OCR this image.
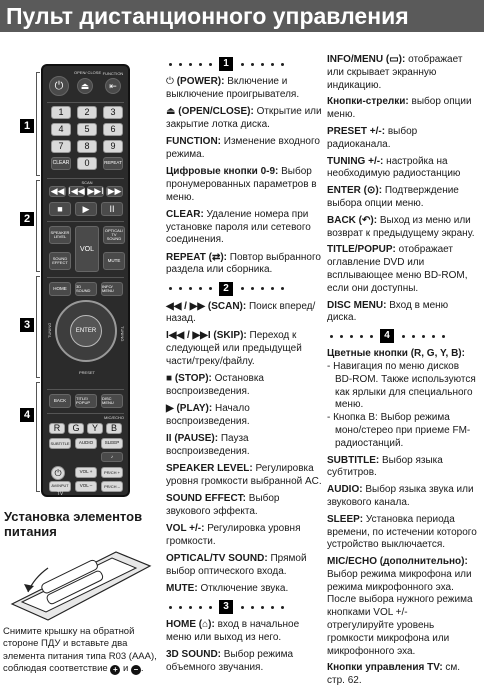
Пульт дистанционного управления
1
2
3
4
⏻
OPEN/ CLOSE
⏏
FUNCTION
⇤
1	2	3
4	5	6
7	8	9
CLEAR	0	REPEAT
SCAN
◀◀ I◀◀ ▶▶I ▶▶
■	▶	II
SPEAKER LEVEL
VOL
OPTICAL/ TV SOUND
SOUND EFFECT	MUTE
HOME	3D SOUND
INFO/ MENU
PRESET
TUNING	TUNING
BACK	TITLE/ POPUP
DISC MENU
MIC/ECHO
R	G	Y	B
SUBTITLE	AUDIO	SLEEP
♪
⏻	VOL +	PR/CH +
AV/INPUT	VOL –	PR/CH –
TV
ENTER
Установка элементов питания
Снимите крышку на обратной стороне ПДУ и вставьте два элемента питания типа R03 (AAA), соблюдая соответствие + и – .
1
⏻ (POWER): Включение и выключение проигрывателя.
⏏ (OPEN/CLOSE): Открытие или закрытие лотка диска.
FUNCTION: Изменение входного режима.
Цифровые кнопки 0-9: Выбор пронумерованных параметров в меню.
CLEAR: Удаление номера при установке пароля или сетевого соединения.
REPEAT (⇄): Повтор выбранного раздела или сборника.
2
◀◀ / ▶▶ (SCAN): Поиск вперед/ назад.
I◀◀ / ▶▶I (SKIP): Переход к следующей или предыдущей части/треку/файлу.
■ (STOP): Остановка воспроизведения.
▶ (PLAY): Начало воспроизведения.
II (PAUSE): Пауза воспроизведения.
SPEAKER LEVEL: Регулировка уровня громкости выбранной AC.
SOUND EFFECT: Выбор звукового эффекта.
VOL +/-: Регулировка уровня громкости.
OPTICAL/TV SOUND: Прямой выбор оптического входа.
MUTE: Отключение звука.
3
HOME (⌂): вход в начальное меню или выход из него.
3D SOUND: Выбор режима объемного звучания.
INFO/MENU (▭): отображает или скрывает экранную индикацию.
Кнопки-стрелки: выбор опции меню.
PRESET +/-: выбор радиоканала.
TUNING +/-: настройка на необходимую радиостанцию
ENTER (⊙): Подтверждение выбора опции меню.
BACK (↶): Выход из меню или возврат к предыдущему экрану.
TITLE/POPUP: отображает оглавление DVD или всплывающее меню BD-ROM, если они доступны.
DISC MENU: Вход в меню диска.
4
Цветные кнопки (R, G, Y, B):
- Навигация по меню дисков BD-ROM. Также используются как ярлыки для специального меню.
- Кнопка B: Выбор режима моно/стерео при приеме FM-радиостанций.
SUBTITLE: Выбор языка субтитров.
AUDIO: Выбор языка звука или звукового канала.
SLEEP: Установка периода времени, по истечении которого устройство выключается.
MIC/ECHO (дополнительно): Выбор режима микрофона или режима микрофонного эха. После выбора нужного режима кнопками VOL +/- отрегулируйте уровень громкости микрофона или микрофонного эха.
Кнопки управления TV: см. стр. 62.
